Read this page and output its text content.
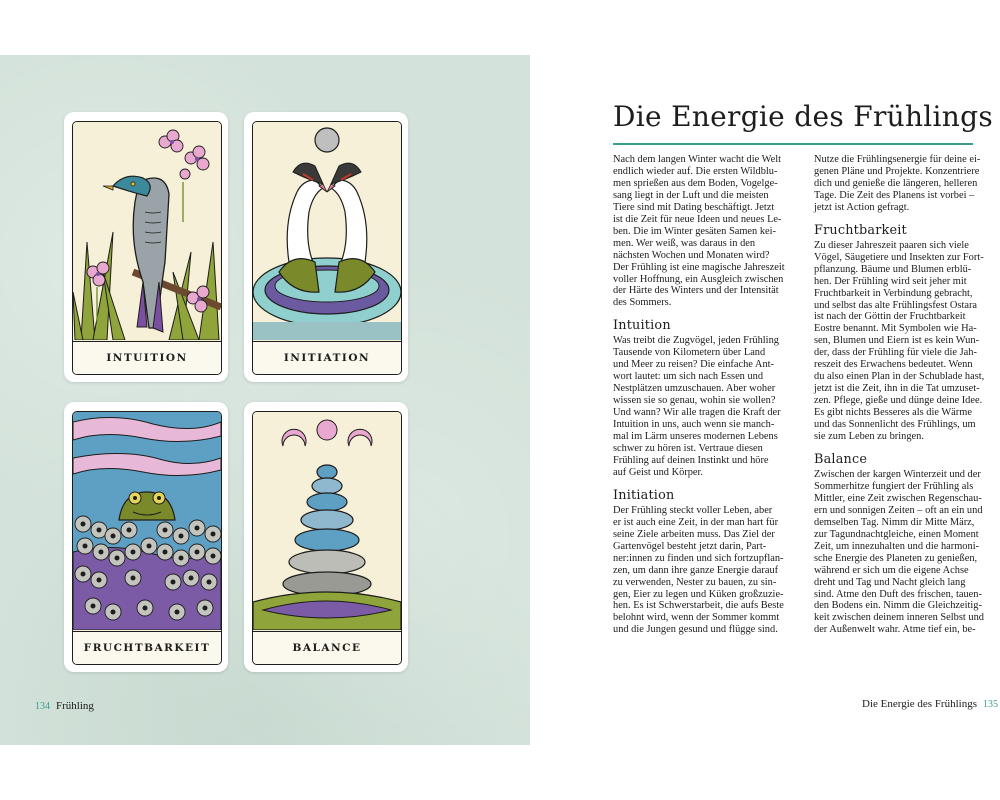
INTUITION	INITIATION
FRUCHTBARKEIT	BALANCE
134 Frühling
Die Energie des Frühlings

Nach dem langen Winter wacht die Welt
endlich wieder auf. Die ersten Wildblu-
men sprießen aus dem Boden, Vogelge-
sang liegt in der Luft und die meisten
Tiere sind mit Dating beschäftigt. Jetzt
ist die Zeit für neue Ideen und neues Le-
ben. Die im Winter gesäten Samen kei-
men. Wer weiß, was daraus in den
nächsten Wochen und Monaten wird?
Der Frühling ist eine magische Jahreszeit
voller Hoffnung, ein Ausgleich zwischen
der Härte des Winters und der Intensität
des Sommers.

Intuition

Was treibt die Zugvögel, jeden Frühling
Tausende von Kilometern über Land
und Meer zu reisen? Die einfache Ant-
wort lautet: um sich nach Essen und
Nestplätzen umzuschauen. Aber woher
wissen sie so genau, wohin sie wollen?
Und wann? Wir alle tragen die Kraft der
Intuition in uns, auch wenn sie manch-
mal im Lärm unseres modernen Lebens
schwer zu hören ist. Vertraue diesen
Frühling auf deinen Instinkt und höre
auf Geist und Körper.

Initiation

Der Frühling steckt voller Leben, aber
er ist auch eine Zeit, in der man hart für
seine Ziele arbeiten muss. Das Ziel der
Gartenvögel besteht jetzt darin, Part-
ner:innen zu finden und sich fortzupflan-
zen, um dann ihre ganze Energie darauf
zu verwenden, Nester zu bauen, zu sin-
gen, Eier zu legen und Küken großzuzie-
hen. Es ist Schwerstarbeit, die aufs Beste
belohnt wird, wenn der Sommer kommt
und die Jungen gesund und flügge sind.

Nutze die Frühlingsenergie für deine ei-
genen Pläne und Projekte. Konzentriere
dich und genieße die längeren, helleren
Tage. Die Zeit des Planens ist vorbei –
jetzt ist Action gefragt.

Fruchtbarkeit

Zu dieser Jahreszeit paaren sich viele
Vögel, Säugetiere und Insekten zur Fort-
pflanzung. Bäume und Blumen erblü-
hen. Der Frühling wird seit jeher mit
Fruchtbarkeit in Verbindung gebracht,
und selbst das alte Frühlingsfest Ostara
ist nach der Göttin der Fruchtbarkeit
Eostre benannt. Mit Symbolen wie Ha-
sen, Blumen und Eiern ist es kein Wun-
der, dass der Frühling für viele die Jah-
reszeit des Erwachens bedeutet. Wenn
du also einen Plan in der Schublade hast,
jetzt ist die Zeit, ihn in die Tat umzuset-
zen. Pflege, gieße und dünge deine Idee.
Es gibt nichts Besseres als die Wärme
und das Sonnenlicht des Frühlings, um
sie zum Leben zu bringen.

Balance

Zwischen der kargen Winterzeit und der
Sommerhitze fungiert der Frühling als
Mittler, eine Zeit zwischen Regenschau-
ern und sonnigen Zeiten – oft an ein und
demselben Tag. Nimm dir Mitte März,
zur Tagundnachtgleiche, einen Moment
Zeit, um innezuhalten und die harmoni-
sche Energie des Planeten zu genießen,
während er sich um die eigene Achse
dreht und Tag und Nacht gleich lang
sind. Atme den Duft des frischen, tauen-
den Bodens ein. Nimm die Gleichzeitig-
keit zwischen deinem inneren Selbst und
der Außenwelt wahr. Atme tief ein, be-

Die Energie des Frühlings 135
